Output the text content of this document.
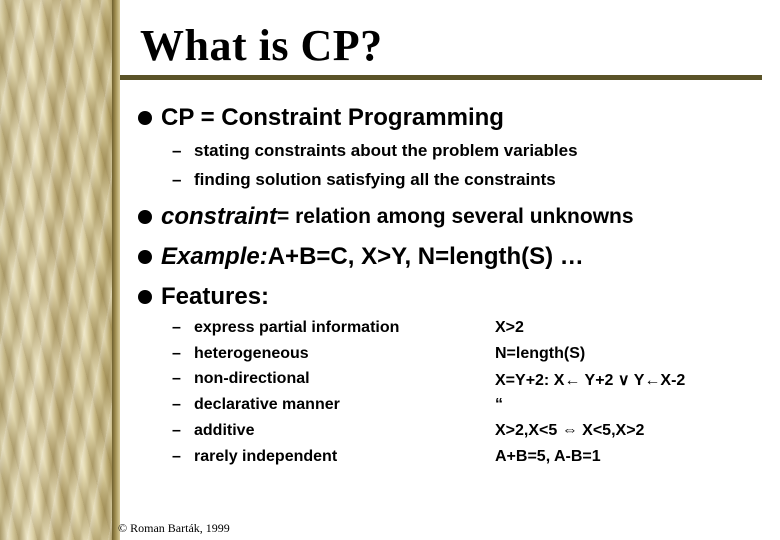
What is CP?
CP = Constraint Programming
– stating constraints about the problem variables
– finding solution satisfying all the constraints
constraint = relation among several unknowns
Example: A+B=C, X>Y, N=length(S) …
Features:
– express partial information
– heterogeneous
– non-directional
– declarative manner
– additive
– rarely independent
X>2
N=length(S)
X=Y+2: X← Y+2 ∨ Y←X-2
“
X>2,X<5 ⇔ X<5,X>2
A+B=5, A-B=1
© Roman Barták, 1999
